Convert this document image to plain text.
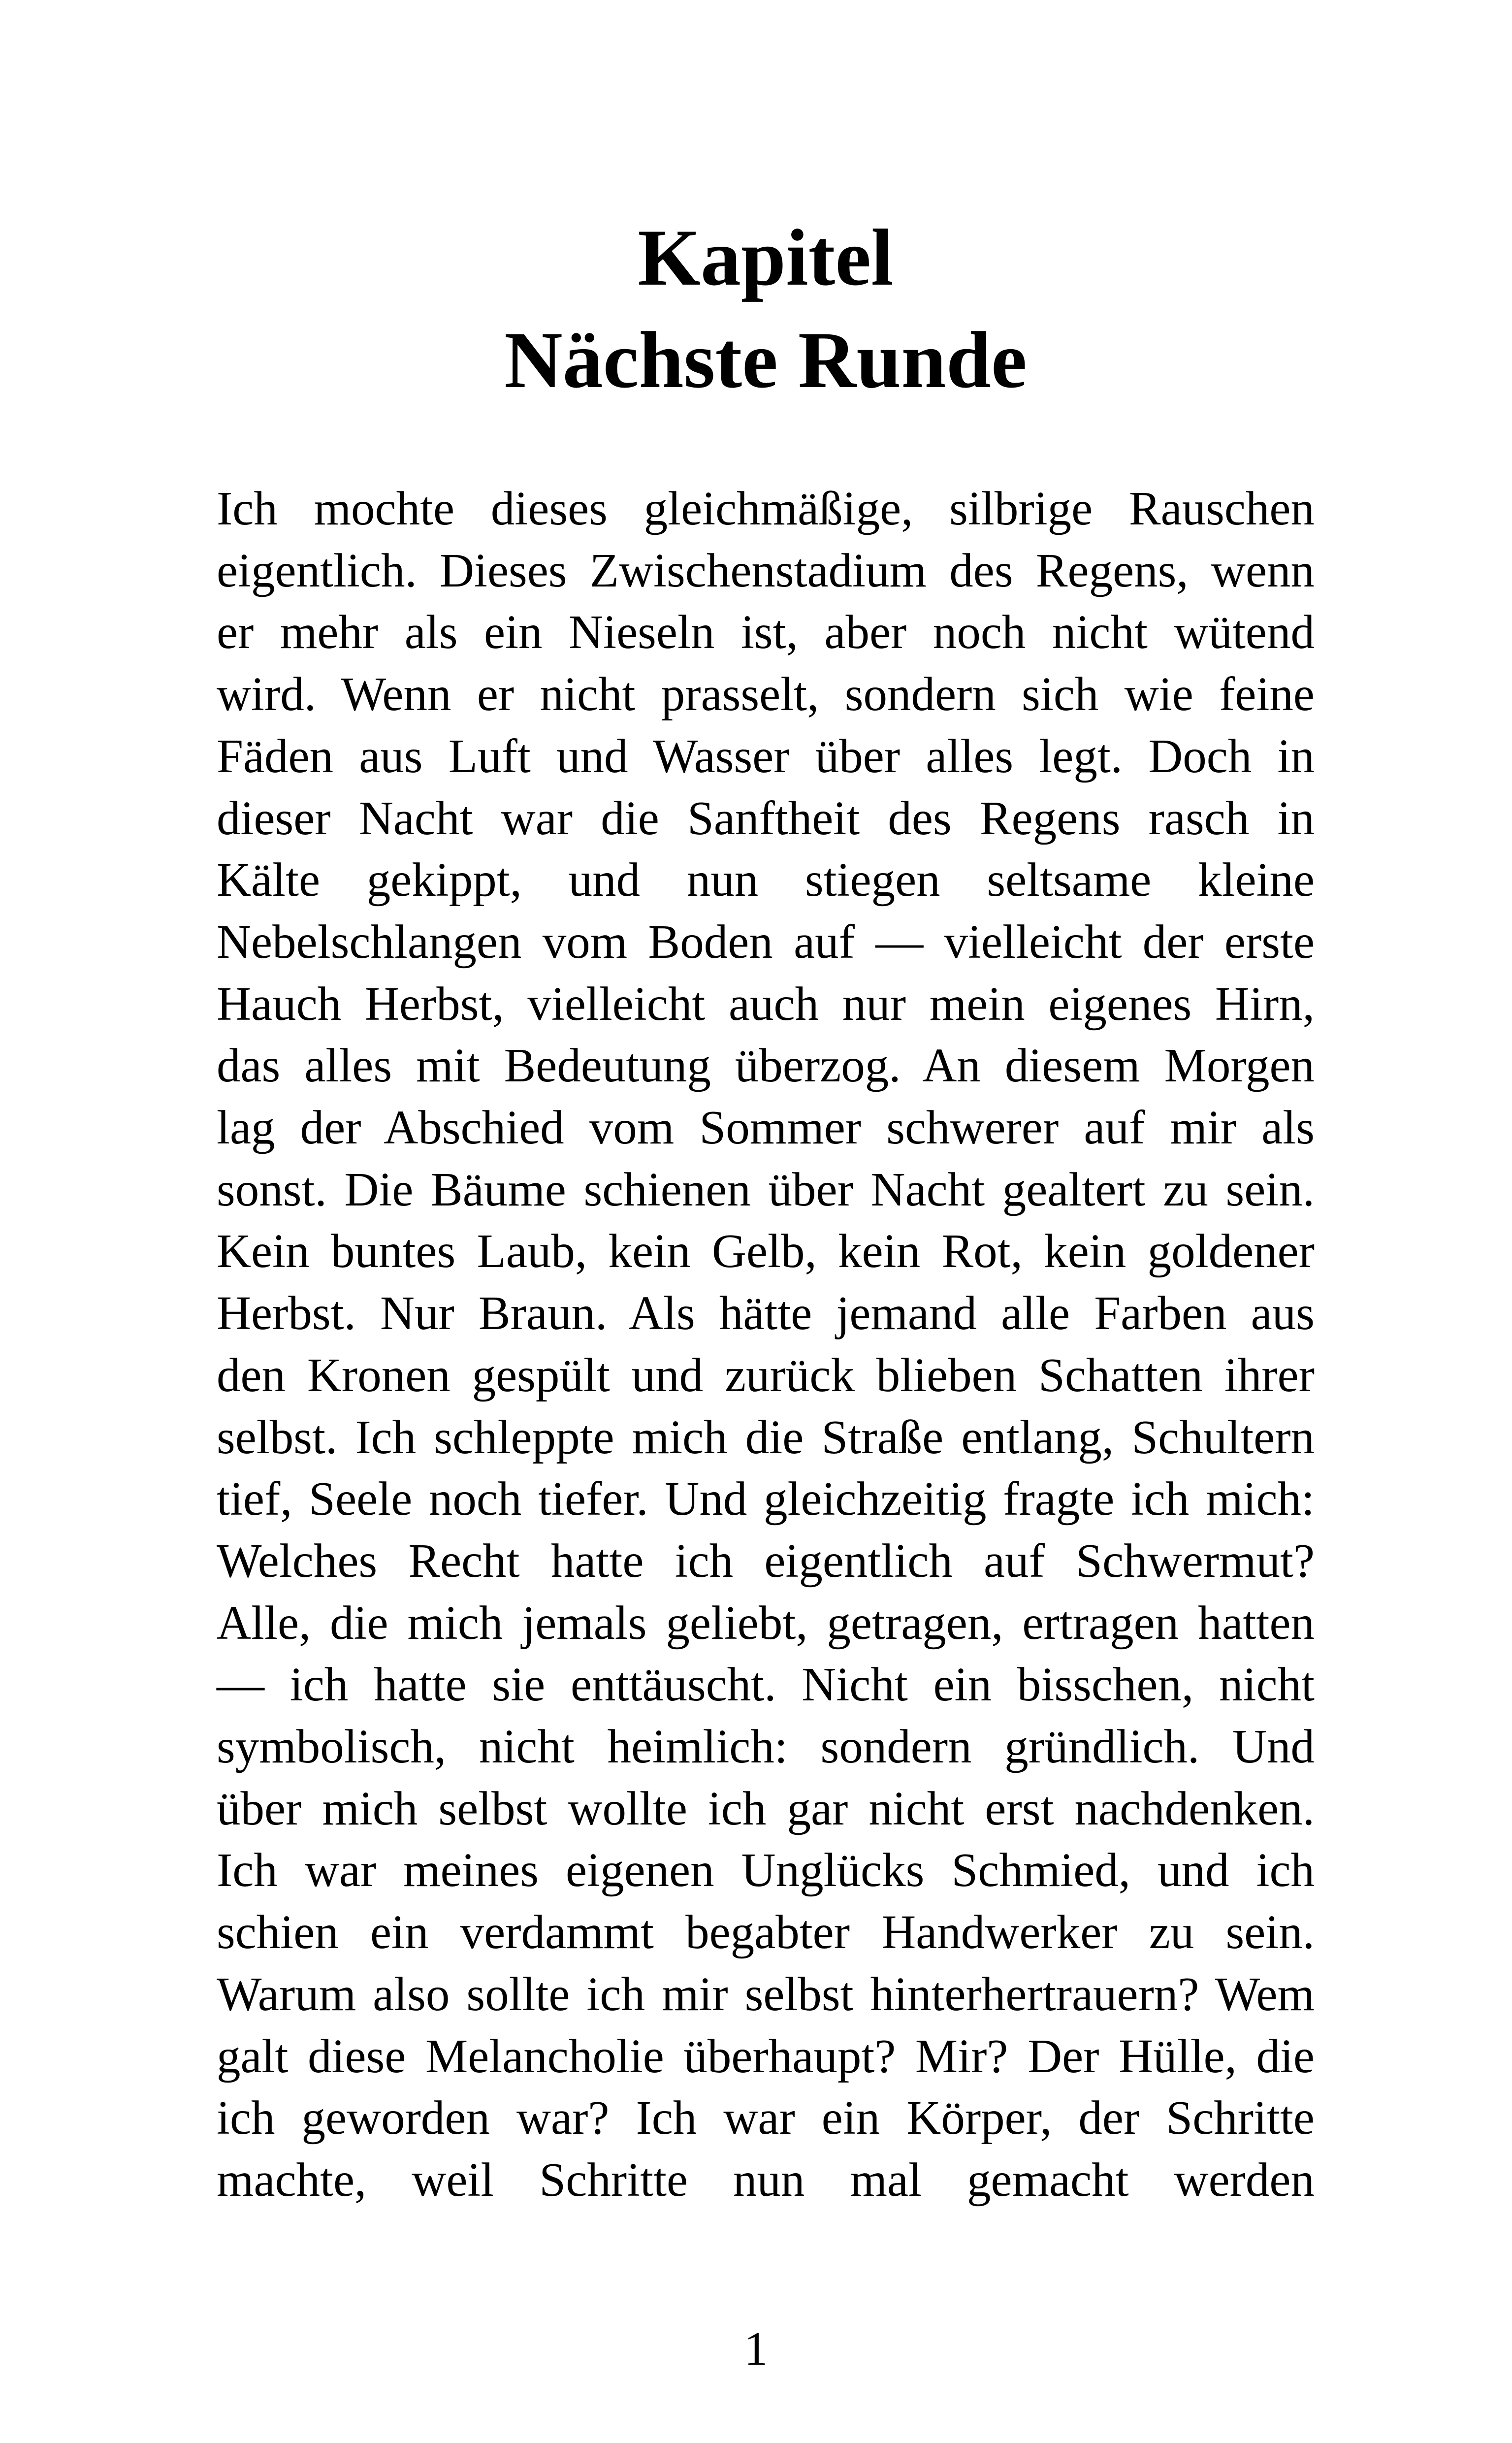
Kapitel
Nächste Runde
Ich mochte dieses gleichmäßige, silbrige Rauschen
eigentlich. Dieses Zwischenstadium des Regens, wenn
er mehr als ein Nieseln ist, aber noch nicht wütend
wird. Wenn er nicht prasselt, sondern sich wie feine
Fäden aus Luft und Wasser über alles legt. Doch in
dieser Nacht war die Sanftheit des Regens rasch in
Kälte gekippt, und nun stiegen seltsame kleine
Nebelschlangen vom Boden auf — vielleicht der erste
Hauch Herbst, vielleicht auch nur mein eigenes Hirn,
das alles mit Bedeutung überzog. An diesem Morgen
lag der Abschied vom Sommer schwerer auf mir als
sonst. Die Bäume schienen über Nacht gealtert zu sein.
Kein buntes Laub, kein Gelb, kein Rot, kein goldener
Herbst. Nur Braun. Als hätte jemand alle Farben aus
den Kronen gespült und zurück blieben Schatten ihrer
selbst. Ich schleppte mich die Straße entlang, Schultern
tief, Seele noch tiefer. Und gleichzeitig fragte ich mich:
Welches Recht hatte ich eigentlich auf Schwermut?
Alle, die mich jemals geliebt, getragen, ertragen hatten
— ich hatte sie enttäuscht. Nicht ein bisschen, nicht
symbolisch, nicht heimlich: sondern gründlich. Und
über mich selbst wollte ich gar nicht erst nachdenken.
Ich war meines eigenen Unglücks Schmied, und ich
schien ein verdammt begabter Handwerker zu sein.
Warum also sollte ich mir selbst hinterhertrauern? Wem
galt diese Melancholie überhaupt? Mir? Der Hülle, die
ich geworden war? Ich war ein Körper, der Schritte
machte, weil Schritte nun mal gemacht werden
1
